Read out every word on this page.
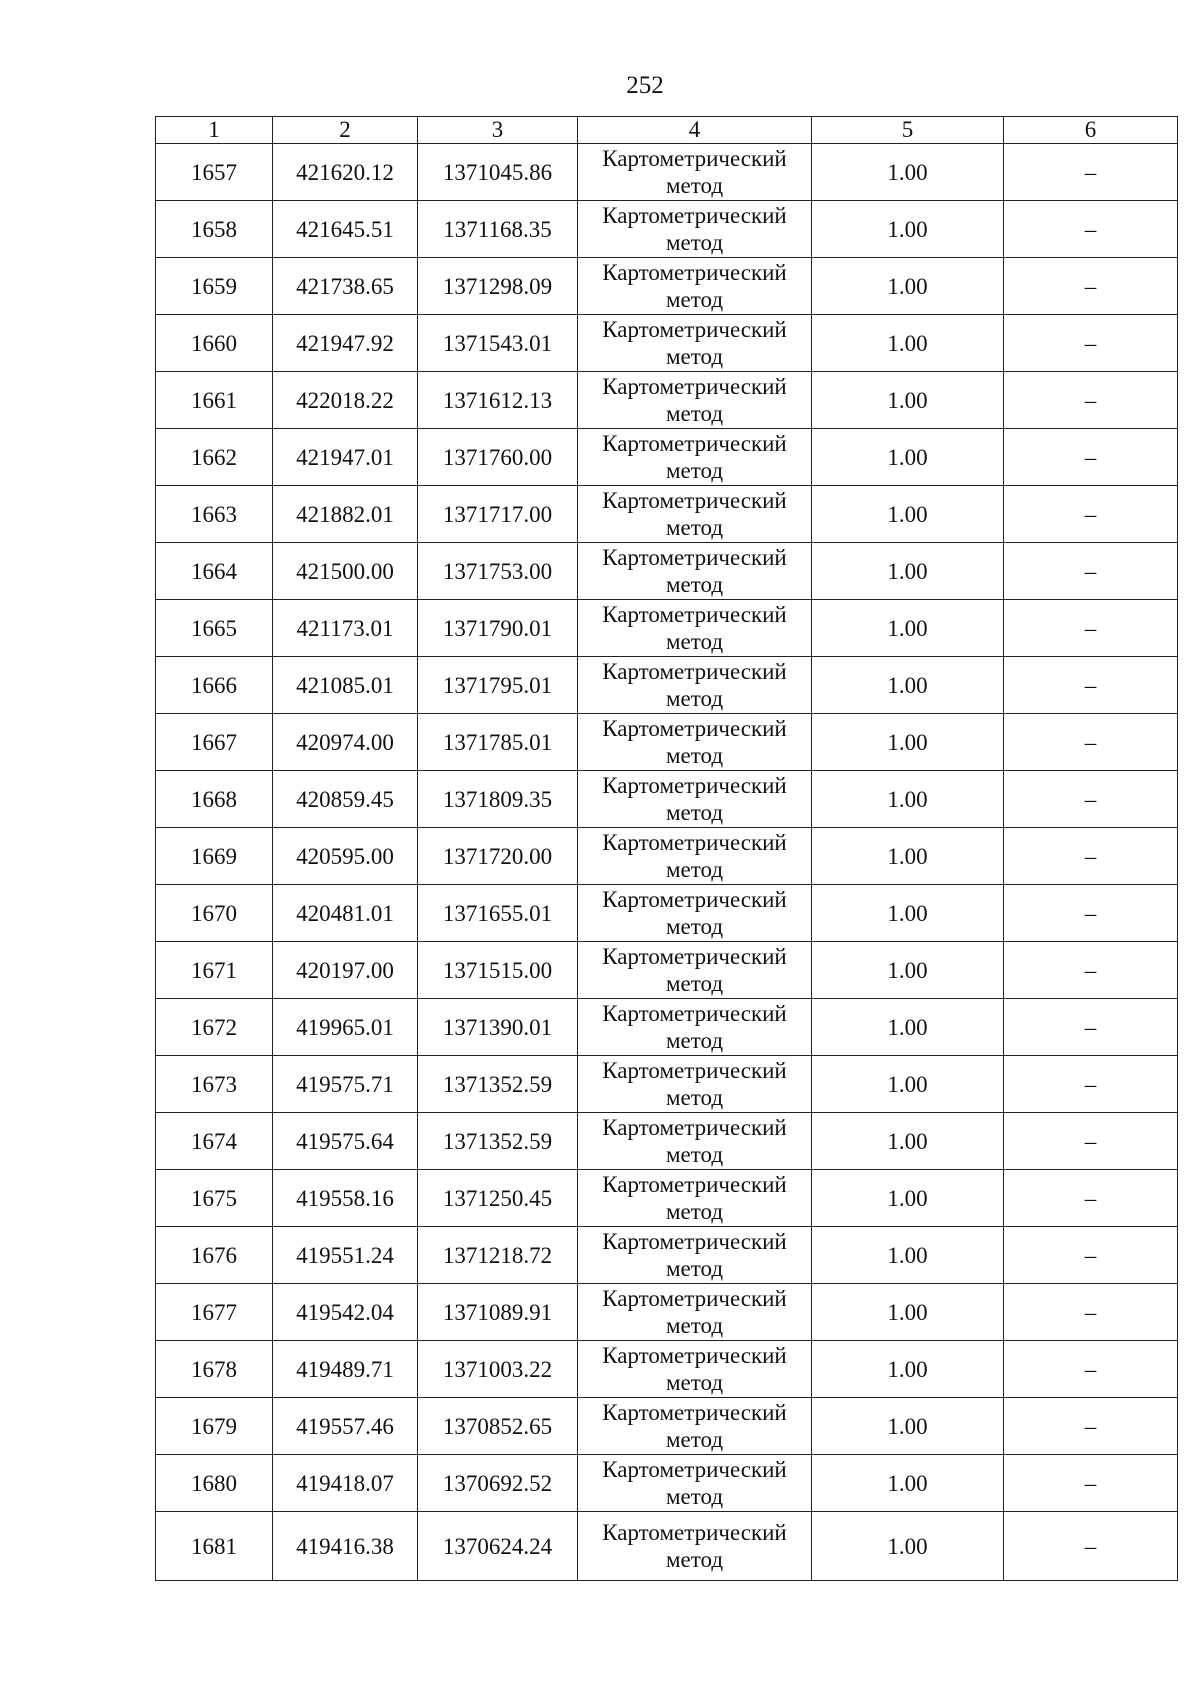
252
1	2	3	4	5	6
1657	421620.12	1371045.86	Картометрический метод	1.00	–
1658	421645.51	1371168.35	Картометрический метод	1.00	–
1659	421738.65	1371298.09	Картометрический метод	1.00	–
1660	421947.92	1371543.01	Картометрический метод	1.00	–
1661	422018.22	1371612.13	Картометрический метод	1.00	–
1662	421947.01	1371760.00	Картометрический метод	1.00	–
1663	421882.01	1371717.00	Картометрический метод	1.00	–
1664	421500.00	1371753.00	Картометрический метод	1.00	–
1665	421173.01	1371790.01	Картометрический метод	1.00	–
1666	421085.01	1371795.01	Картометрический метод	1.00	–
1667	420974.00	1371785.01	Картометрический метод	1.00	–
1668	420859.45	1371809.35	Картометрический метод	1.00	–
1669	420595.00	1371720.00	Картометрический метод	1.00	–
1670	420481.01	1371655.01	Картометрический метод	1.00	–
1671	420197.00	1371515.00	Картометрический метод	1.00	–
1672	419965.01	1371390.01	Картометрический метод	1.00	–
1673	419575.71	1371352.59	Картометрический метод	1.00	–
1674	419575.64	1371352.59	Картометрический метод	1.00	–
1675	419558.16	1371250.45	Картометрический метод	1.00	–
1676	419551.24	1371218.72	Картометрический метод	1.00	–
1677	419542.04	1371089.91	Картометрический метод	1.00	–
1678	419489.71	1371003.22	Картометрический метод	1.00	–
1679	419557.46	1370852.65	Картометрический метод	1.00	–
1680	419418.07	1370692.52	Картометрический метод	1.00	–
1681	419416.38	1370624.24	Картометрический метод	1.00	–
